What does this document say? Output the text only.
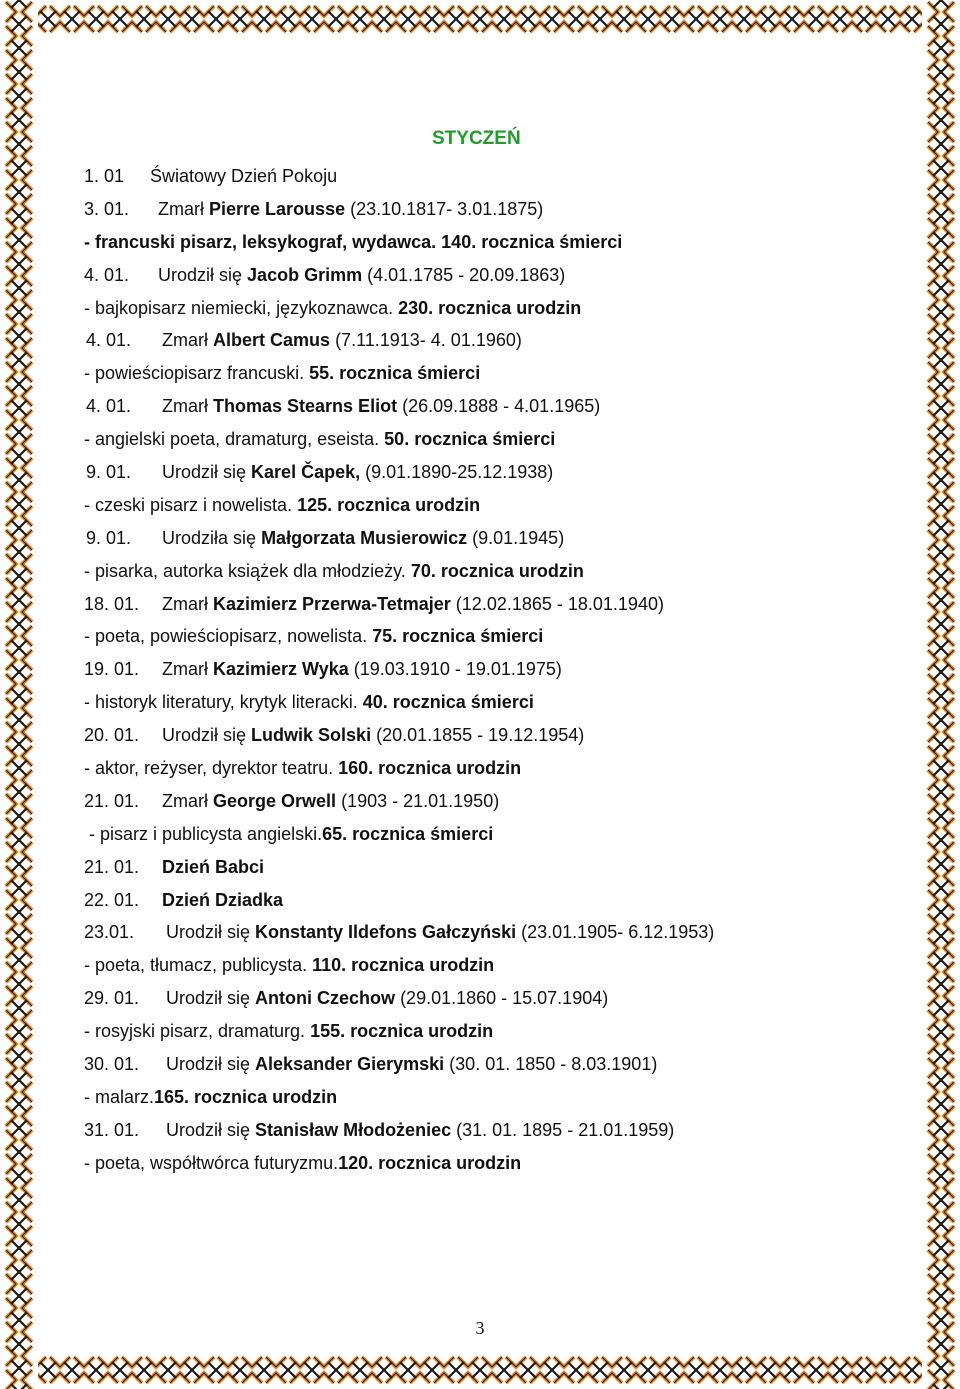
STYCZEŃ
1. 01 Światowy Dzień Pokoju
3. 01. Zmarł Pierre Larousse (23.10.1817- 3.01.1875)
- francuski pisarz, leksykograf, wydawca. 140. rocznica śmierci
4. 01. Urodził się Jacob Grimm (4.01.1785 - 20.09.1863)
- bajkopisarz niemiecki, językoznawca. 230. rocznica urodzin
4. 01. Zmarł Albert Camus (7.11.1913- 4. 01.1960)
- powieściopisarz francuski. 55. rocznica śmierci
4. 01. Zmarł Thomas Stearns Eliot (26.09.1888 - 4.01.1965)
- angielski poeta, dramaturg, eseista. 50. rocznica śmierci
9. 01. Urodził się Karel Čapek, (9.01.1890-25.12.1938)
- czeski pisarz i nowelista. 125. rocznica urodzin
9. 01. Urodziła się Małgorzata Musierowicz (9.01.1945)
- pisarka, autorka książek dla młodzieży. 70. rocznica urodzin
18. 01. Zmarł Kazimierz Przerwa-Tetmajer (12.02.1865 - 18.01.1940)
- poeta, powieściopisarz, nowelista. 75. rocznica śmierci
19. 01. Zmarł Kazimierz Wyka (19.03.1910 - 19.01.1975)
- historyk literatury, krytyk literacki. 40. rocznica śmierci
20. 01. Urodził się Ludwik Solski (20.01.1855 - 19.12.1954)
- aktor, reżyser, dyrektor teatru. 160. rocznica urodzin
21. 01. Zmarł George Orwell (1903 - 21.01.1950)
- pisarz i publicysta angielski.65. rocznica śmierci
21. 01. Dzień Babci
22. 01. Dzień Dziadka
23.01. Urodził się Konstanty Ildefons Gałczyński (23.01.1905- 6.12.1953)
- poeta, tłumacz, publicysta. 110. rocznica urodzin
29. 01. Urodził się Antoni Czechow (29.01.1860 - 15.07.1904)
- rosyjski pisarz, dramaturg. 155. rocznica urodzin
30. 01. Urodził się Aleksander Gierymski (30. 01. 1850 - 8.03.1901)
- malarz.165. rocznica urodzin
31. 01. Urodził się Stanisław Młodożeniec (31. 01. 1895 - 21.01.1959)
- poeta, współtwórca futuryzmu.120. rocznica urodzin
3
